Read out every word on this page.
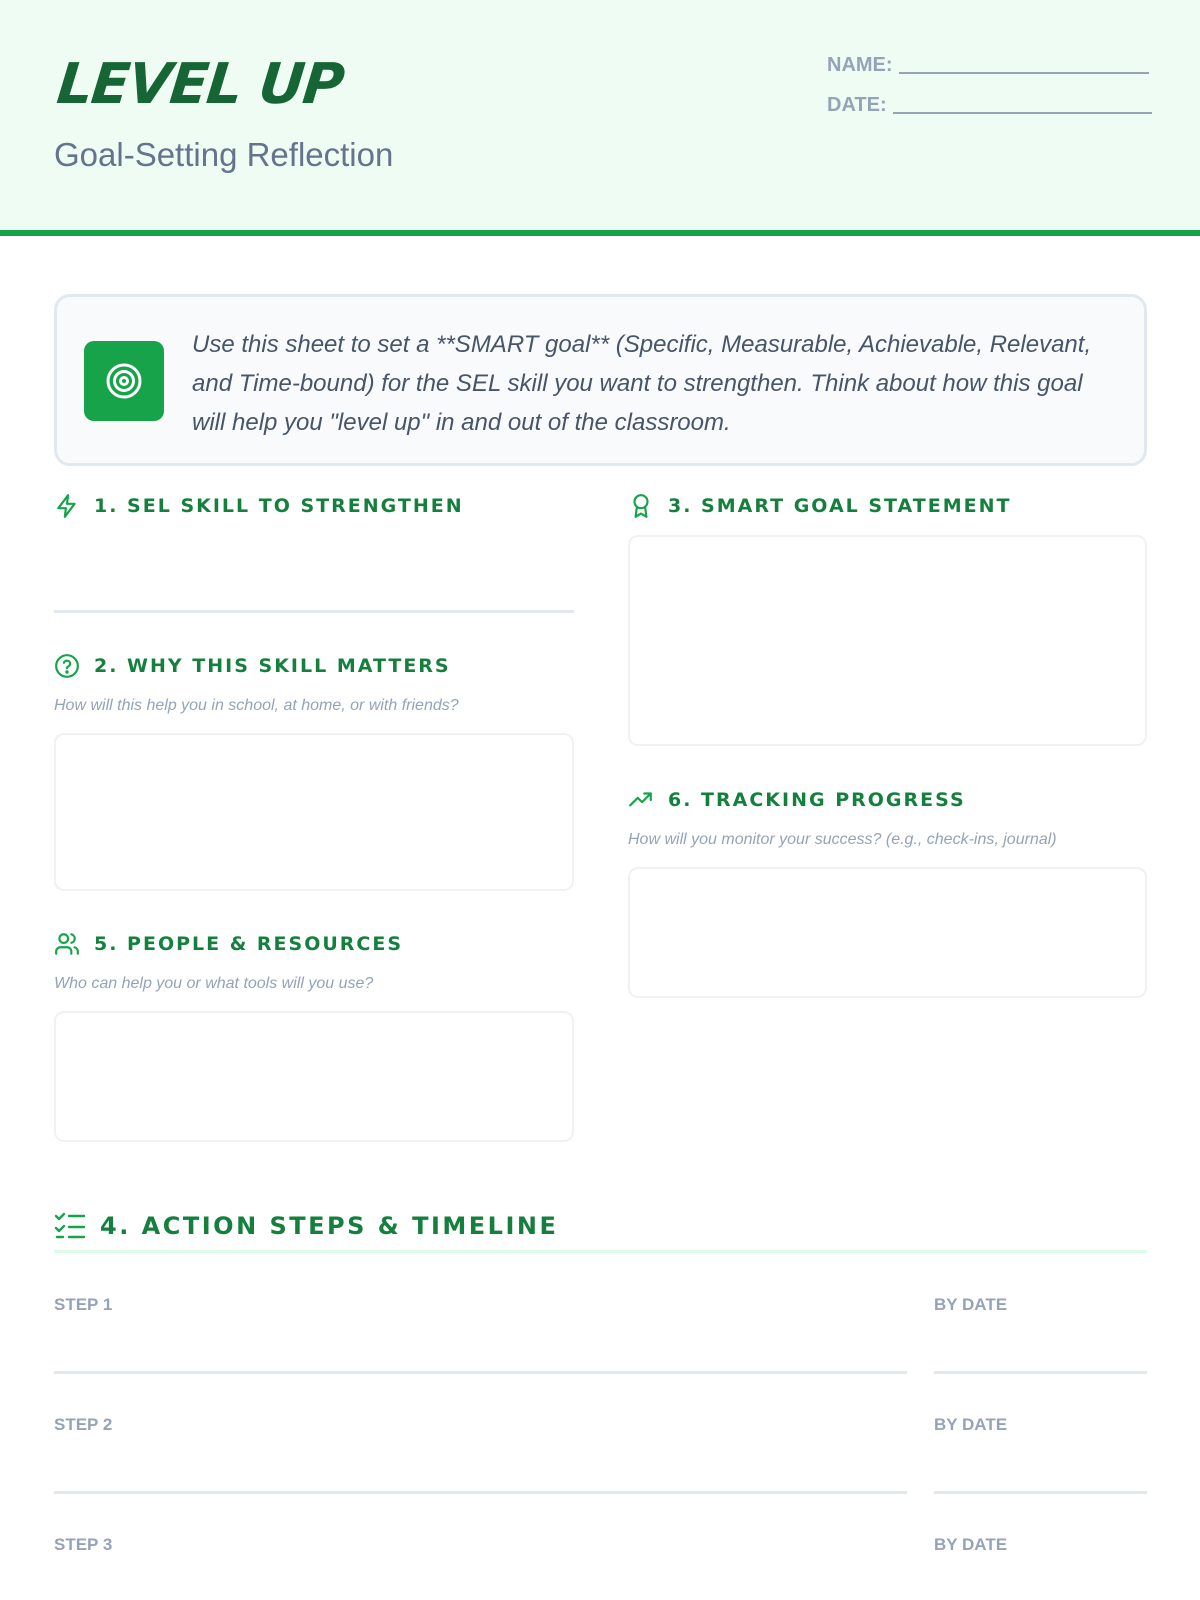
LEVEL UP
Goal-Setting Reflection
NAME:
DATE:
Use this sheet to set a **SMART goal** (Specific, Measurable, Achievable, Relevant, and Time-bound) for the SEL skill you want to strengthen. Think about how this goal will help you "level up" in and out of the classroom.
1. SEL SKILL TO STRENGTHEN
2. WHY THIS SKILL MATTERS
How will this help you in school, at home, or with friends?
5. PEOPLE & RESOURCES
Who can help you or what tools will you use?
3. SMART GOAL STATEMENT
6. TRACKING PROGRESS
How will you monitor your success? (e.g., check-ins, journal)
4. ACTION STEPS & TIMELINE
STEP 1	BY DATE
STEP 2	BY DATE
STEP 3	BY DATE
